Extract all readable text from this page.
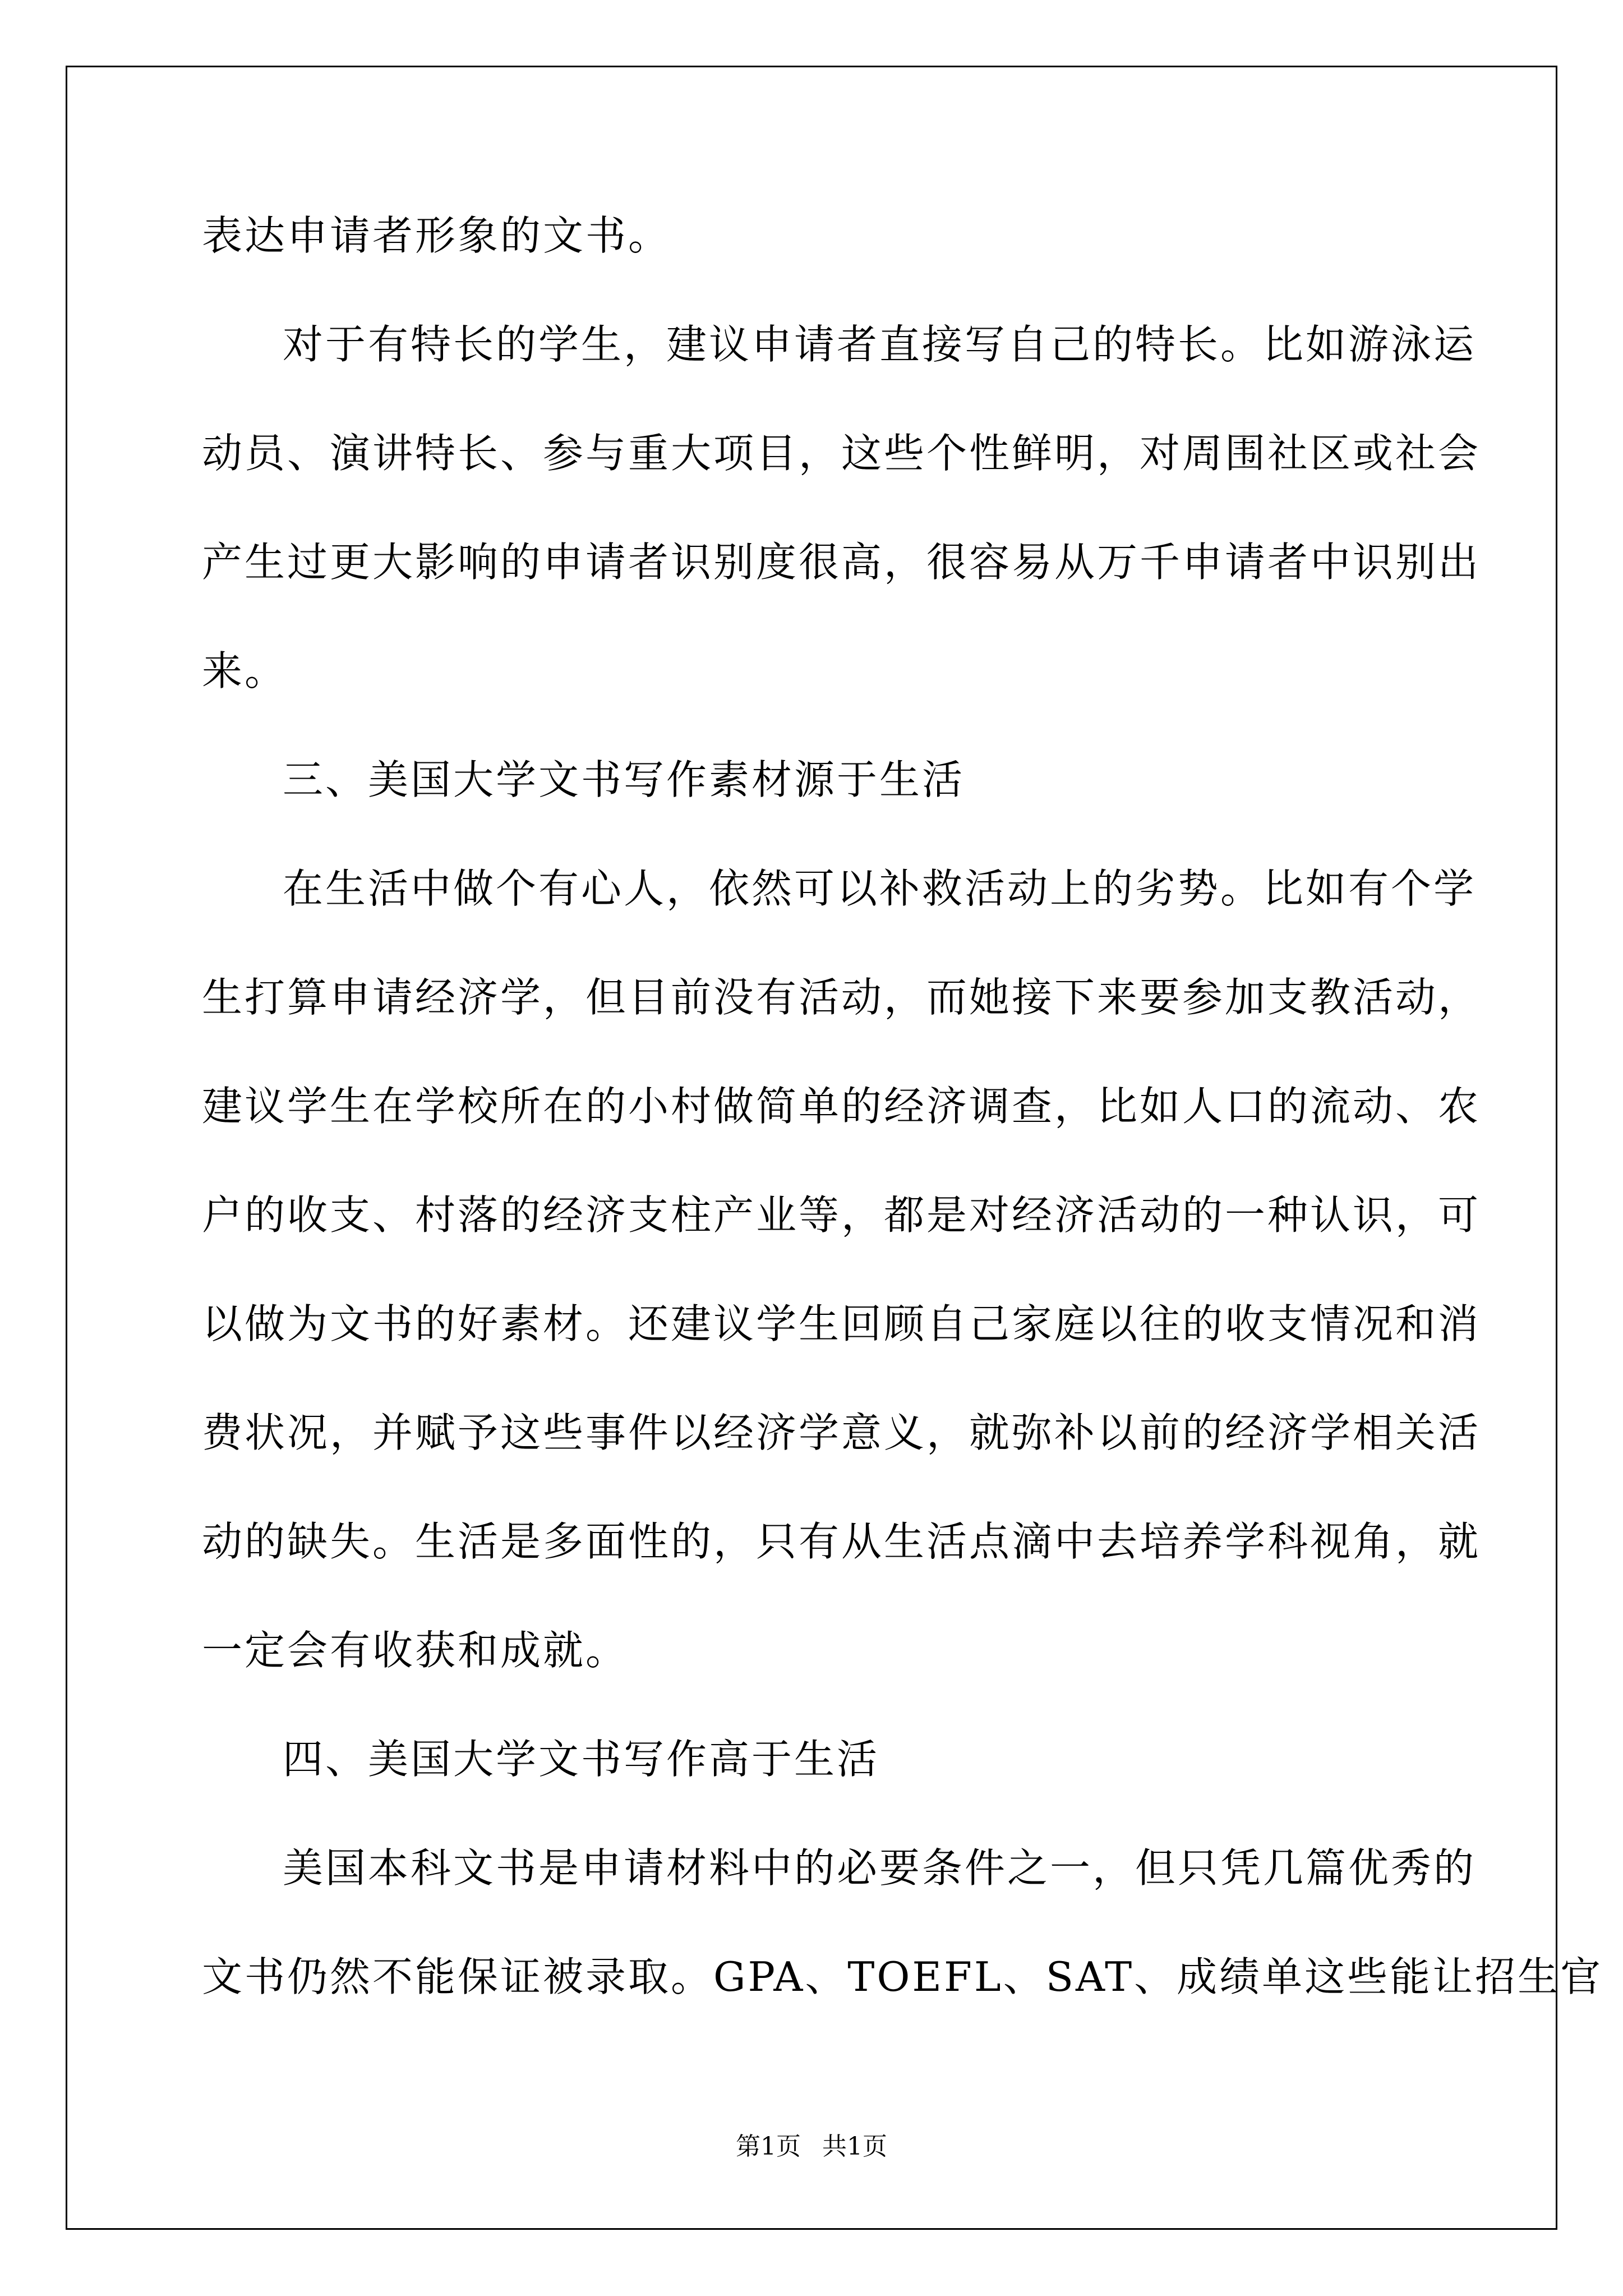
表达申请者形象的文书。
对于有特长的学生，建议申请者直接写自己的特长。比如游泳运
动员、演讲特长、参与重大项目，这些个性鲜明，对周围社区或社会
产生过更大影响的申请者识别度很高，很容易从万千申请者中识别出
来。
三、美国大学文书写作素材源于生活
在生活中做个有心人，依然可以补救活动上的劣势。比如有个学
生打算申请经济学，但目前没有活动，而她接下来要参加支教活动，
建议学生在学校所在的小村做简单的经济调查，比如人口的流动、农
户的收支、村落的经济支柱产业等，都是对经济活动的一种认识，可
以做为文书的好素材。还建议学生回顾自己家庭以往的收支情况和消
费状况，并赋予这些事件以经济学意义，就弥补以前的经济学相关活
动的缺失。生活是多面性的，只有从生活点滴中去培养学科视角，就
一定会有收获和成就。
四、美国大学文书写作高于生活
美国本科文书是申请材料中的必要条件之一，但只凭几篇优秀的
文书仍然不能保证被录取。GPA、TOEFL、SAT、成绩单这些能让招生官
第1页 共1页
